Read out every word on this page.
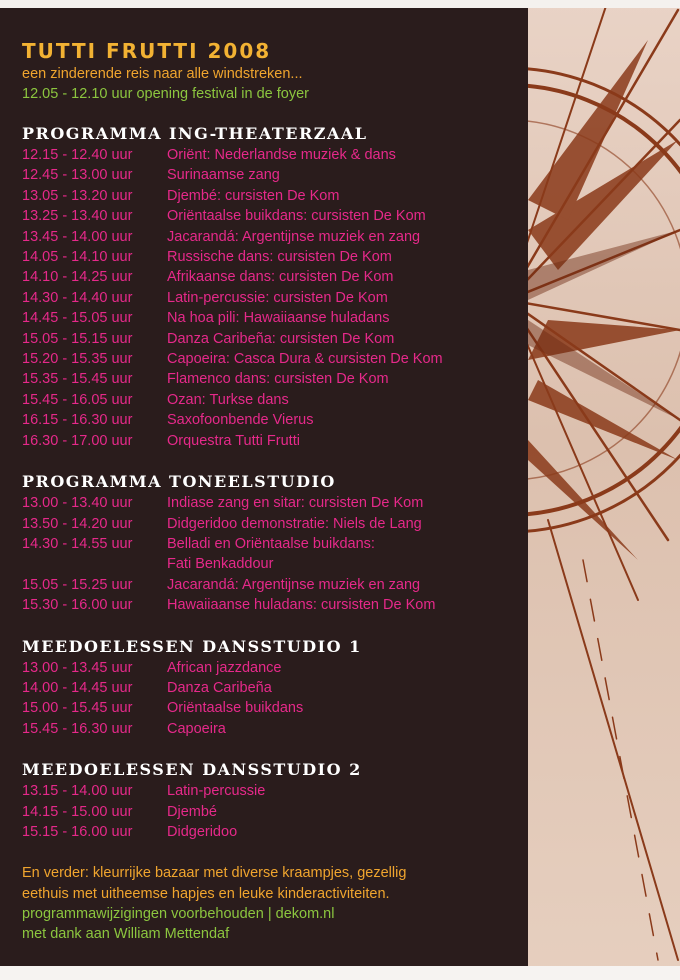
TUTTI FRUTTI 2008

een zinderende reis naar alle windstreken...

12.05 - 12.10 uur opening festival in de foyer

PROGRAMMA ING-THEATERZAAL
12.15 - 12.40 uur	Oriënt: Nederlandse muziek & dans
12.45 - 13.00 uur	Surinaamse zang
13.05 - 13.20 uur	Djembé: cursisten De Kom
13.25 - 13.40 uur	Oriëntaalse buikdans: cursisten De Kom
13.45 - 14.00 uur	Jacarandá: Argentijnse muziek en zang
14.05 - 14.10 uur	Russische dans: cursisten De Kom
14.10 - 14.25 uur	Afrikaanse dans: cursisten De Kom
14.30 - 14.40 uur	Latin-percussie: cursisten De Kom
14.45 - 15.05 uur	Na hoa pili: Hawaiiaanse huladans
15.05 - 15.15 uur	Danza Caribeña: cursisten De Kom
15.20 - 15.35 uur	Capoeira: Casca Dura & cursisten De Kom
15.35 - 15.45 uur	Flamenco dans: cursisten De Kom
15.45 - 16.05 uur	Ozan: Turkse dans
16.15 - 16.30 uur	Saxofoonbende Vierus
16.30 - 17.00 uur	Orquestra Tutti Frutti
PROGRAMMA TONEELSTUDIO
13.00 - 13.40 uur	Indiase zang en sitar: cursisten De Kom
13.50 - 14.20 uur	Didgeridoo demonstratie: Niels de Lang
14.30 - 14.55 uur	Belladi en Oriëntaalse buikdans:
Fati Benkaddour
15.05 - 15.25 uur	Jacarandá: Argentijnse muziek en zang
15.30 - 16.00 uur	Hawaiiaanse huladans: cursisten De Kom
MEEDOELESSEN DANSSTUDIO 1
13.00 - 13.45 uur	African jazzdance
14.00 - 14.45 uur	Danza Caribeña
15.00 - 15.45 uur	Oriëntaalse buikdans
15.45 - 16.30 uur	Capoeira
MEEDOELESSEN DANSSTUDIO 2
13.15 - 14.00 uur	Latin-percussie
14.15 - 15.00 uur	Djembé
15.15 - 16.00 uur	Didgeridoo
En verder: kleurrijke bazaar met diverse kraampjes, gezellig
eethuis met uitheemse hapjes en leuke kinderactiviteiten.
programmawijzigingen voorbehouden | dekom.nl
met dank aan William Mettendaf
